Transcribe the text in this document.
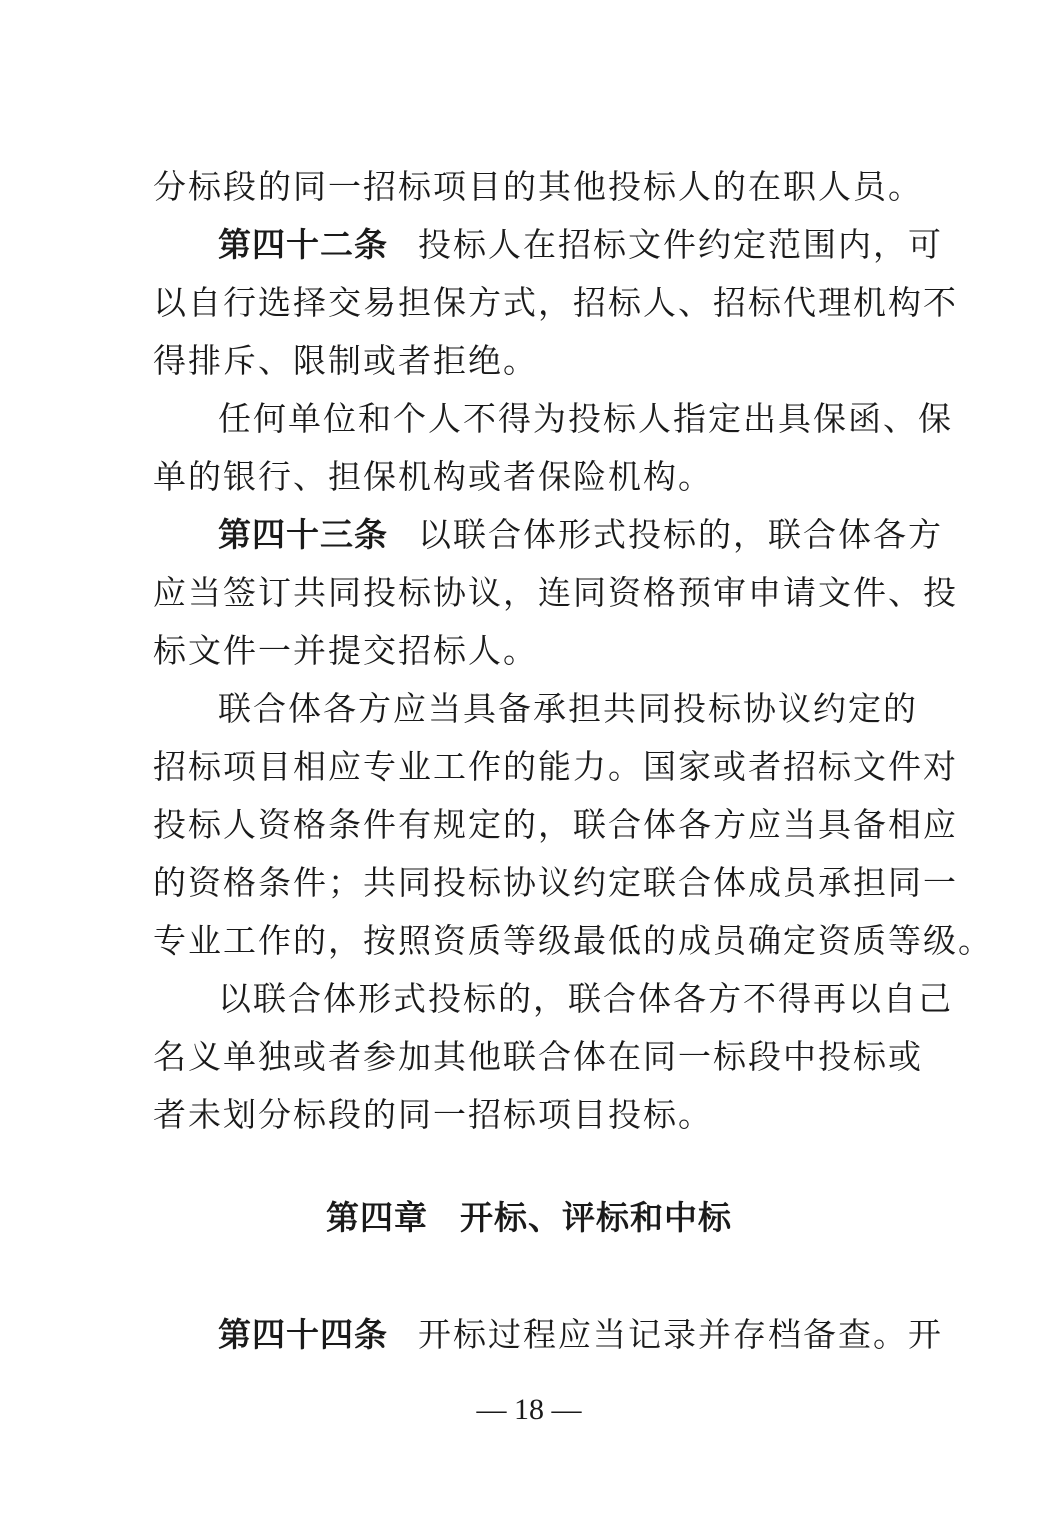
分标段的同一招标项目的其他投标人的在职人员。
第四十二条 投标人在招标文件约定范围内，可
以自行选择交易担保方式，招标人、招标代理机构不
得排斥、限制或者拒绝。
任何单位和个人不得为投标人指定出具保函、保
单的银行、担保机构或者保险机构。
第四十三条 以联合体形式投标的，联合体各方
应当签订共同投标协议，连同资格预审申请文件、投
标文件一并提交招标人。
联合体各方应当具备承担共同投标协议约定的
招标项目相应专业工作的能力。国家或者招标文件对
投标人资格条件有规定的，联合体各方应当具备相应
的资格条件；共同投标协议约定联合体成员承担同一
专业工作的，按照资质等级最低的成员确定资质等级。
以联合体形式投标的，联合体各方不得再以自己
名义单独或者参加其他联合体在同一标段中投标或
者未划分标段的同一招标项目投标。
第四章 开标、评标和中标
第四十四条 开标过程应当记录并存档备查。开
— 18 —
